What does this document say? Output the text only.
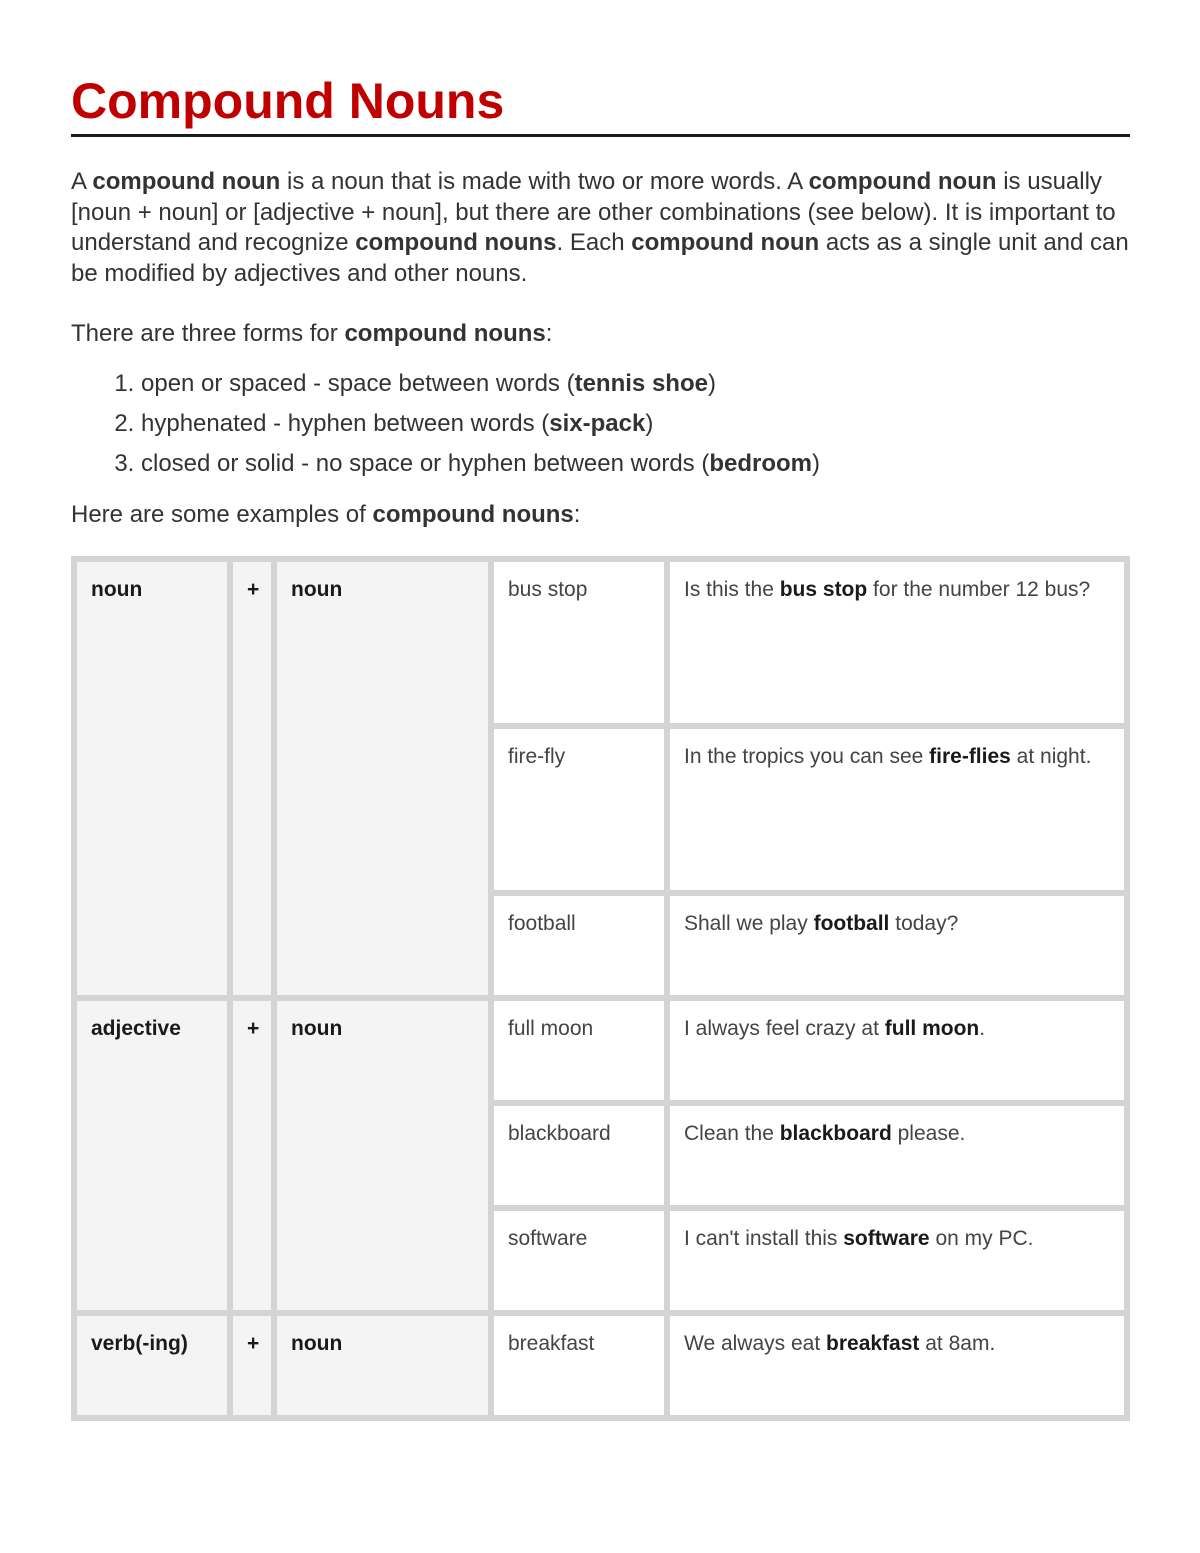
Compound Nouns

A compound noun is a noun that is made with two or more words. A compound noun is usually [noun + noun] or [adjective + noun], but there are other combinations (see below). It is important to understand and recognize compound nouns. Each compound noun acts as a single unit and can be modified by adjectives and other nouns.

There are three forms for compound nouns:

1. open or spaced - space between words (tennis shoe)
2. hyphenated - hyphen between words (six-pack)
3. closed or solid - no space or hyphen between words (bedroom)

Here are some examples of compound nouns:

noun	+	noun	bus stop	Is this the bus stop for the number 12 bus?
			fire-fly	In the tropics you can see fire-flies at night.
			football	Shall we play football today?
adjective	+	noun	full moon	I always feel crazy at full moon.
			blackboard	Clean the blackboard please.
			software	I can't install this software on my PC.
verb(-ing)	+	noun	breakfast	We always eat breakfast at 8am.
